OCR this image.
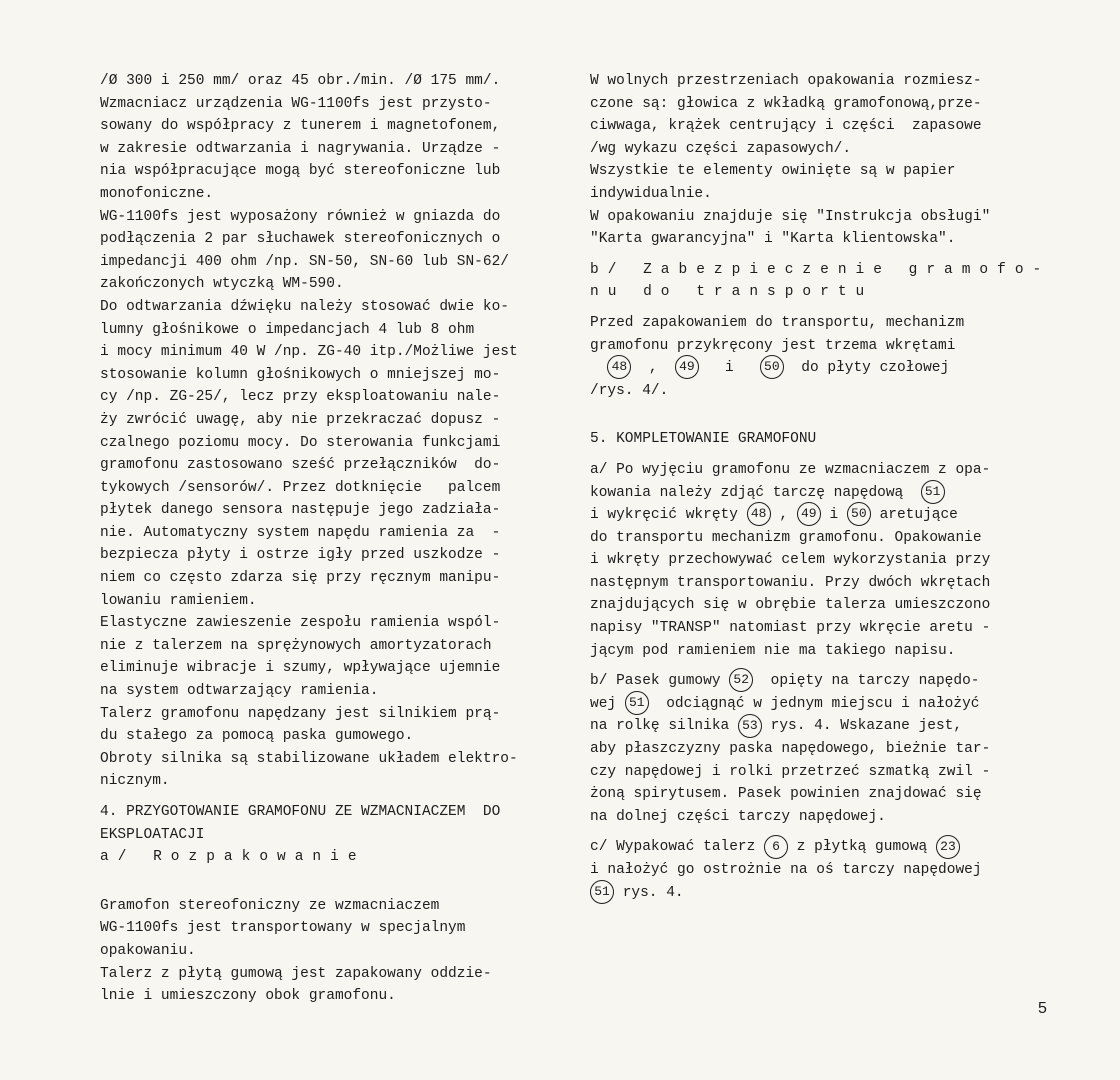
/Ø 300 i 250 mm/ oraz 45 obr./min. /Ø 175 mm/.
Wzmacniacz urządzenia WG-1100fs jest przysto-
sowany do współpracy z tunerem i magnetofonem,
w zakresie odtwarzania i nagrywania. Urządze -
nia współpracujące mogą być stereofoniczne lub
monofoniczne.
WG-1100fs jest wyposażony również w gniazda do
podłączenia 2 par słuchawek stereofonicznych o
impedancji 400 ohm /np. SN-50, SN-60 lub SN-62/
zakończonych wtyczką WM-590.
Do odtwarzania dźwięku należy stosować dwie ko-
lumny głośnikowe o impedancjach 4 lub 8 ohm
i mocy minimum 40 W /np. ZG-40 itp./Możliwe jest
stosowanie kolumn głośnikowych o mniejszej mo-
cy /np. ZG-25/, lecz przy eksploatowaniu nale-
ży zwrócić uwagę, aby nie przekraczać dopusz -
czalnego poziomu mocy. Do sterowania funkcjami
gramofonu zastosowano sześć przełączników  do-
tykowych /sensorów/. Przez dotknięcie   palcem
płytek danego sensora następuje jego zadziała-
nie. Automatyczny system napędu ramienia za  -
bezpiecza płyty i ostrze igły przed uszkodze -
niem co często zdarza się przy ręcznym manipu-
lowaniu ramieniem.
Elastyczne zawieszenie zespołu ramienia wspól-
nie z talerzem na sprężynowych amortyzatorach
eliminuje wibracje i szumy, wpływające ujemnie
na system odtwarzający ramienia.
Talerz gramofonu napędzany jest silnikiem prą-
du stałego za pomocą paska gumowego.
Obroty silnika są stabilizowane układem elektro-
nicznym.
4. PRZYGOTOWANIE GRAMOFONU ZE WZMACNIACZEM  DO
EKSPLOATACJI
a/ Rozpakowanie
Gramofon stereofoniczny ze wzmacniaczem
WG-1100fs jest transportowany w specjalnym
opakowaniu.
Talerz z płytą gumową jest zapakowany oddzie-
lnie i umieszczony obok gramofonu.
W wolnych przestrzeniach opakowania rozmiesz-
czone są: głowica z wkładką gramofonową,prze-
ciwwaga, krążek centrujący i części  zapasowe
/wg wykazu części zapasowych/.
Wszystkie te elementy owinięte są w papier
indywidualnie.
W opakowaniu znajduje się "Instrukcja obsługi"
"Karta gwarancyjna" i "Karta klientowska".
b/ Zabezpieczenie gramofo-
nu do transportu
Przed zapakowaniem do transportu, mechanizm
gramofonu przykręcony jest trzema wkrętami
48 , 49 i 50 do płyty czołowej
/rys. 4/.
5. KOMPLETOWANIE GRAMOFONU
a/ Po wyjęciu gramofonu ze wzmacniaczem z opa-
kowania należy zdjąć tarczę napędową 51
i wykręcić wkręty 48 , 49 i 50 aretujące
do transportu mechanizm gramofonu. Opakowanie
i wkręty przechowywać celem wykorzystania przy
następnym transportowaniu. Przy dwóch wkrętach
znajdujących się w obrębie talerza umieszczono
napisy "TRANSP" natomiast przy wkręcie aretu -
jącym pod ramieniem nie ma takiego napisu.
b/ Pasek gumowy 52 opięty na tarczy napędo-
wej 51 odciągnąć w jednym miejscu i nałożyć
na rolkę silnika 53 rys. 4. Wskazane jest,
aby płaszczyzny paska napędowego, bieżnie tar-
czy napędowej i rolki przetrzeć szmatką zwil -
żoną spirytusem. Pasek powinien znajdować się
na dolnej części tarczy napędowej.
c/ Wypakować talerz 6 z płytką gumową 23
i nałożyć go ostrożnie na oś tarczy napędowej
51 rys. 4.
5
